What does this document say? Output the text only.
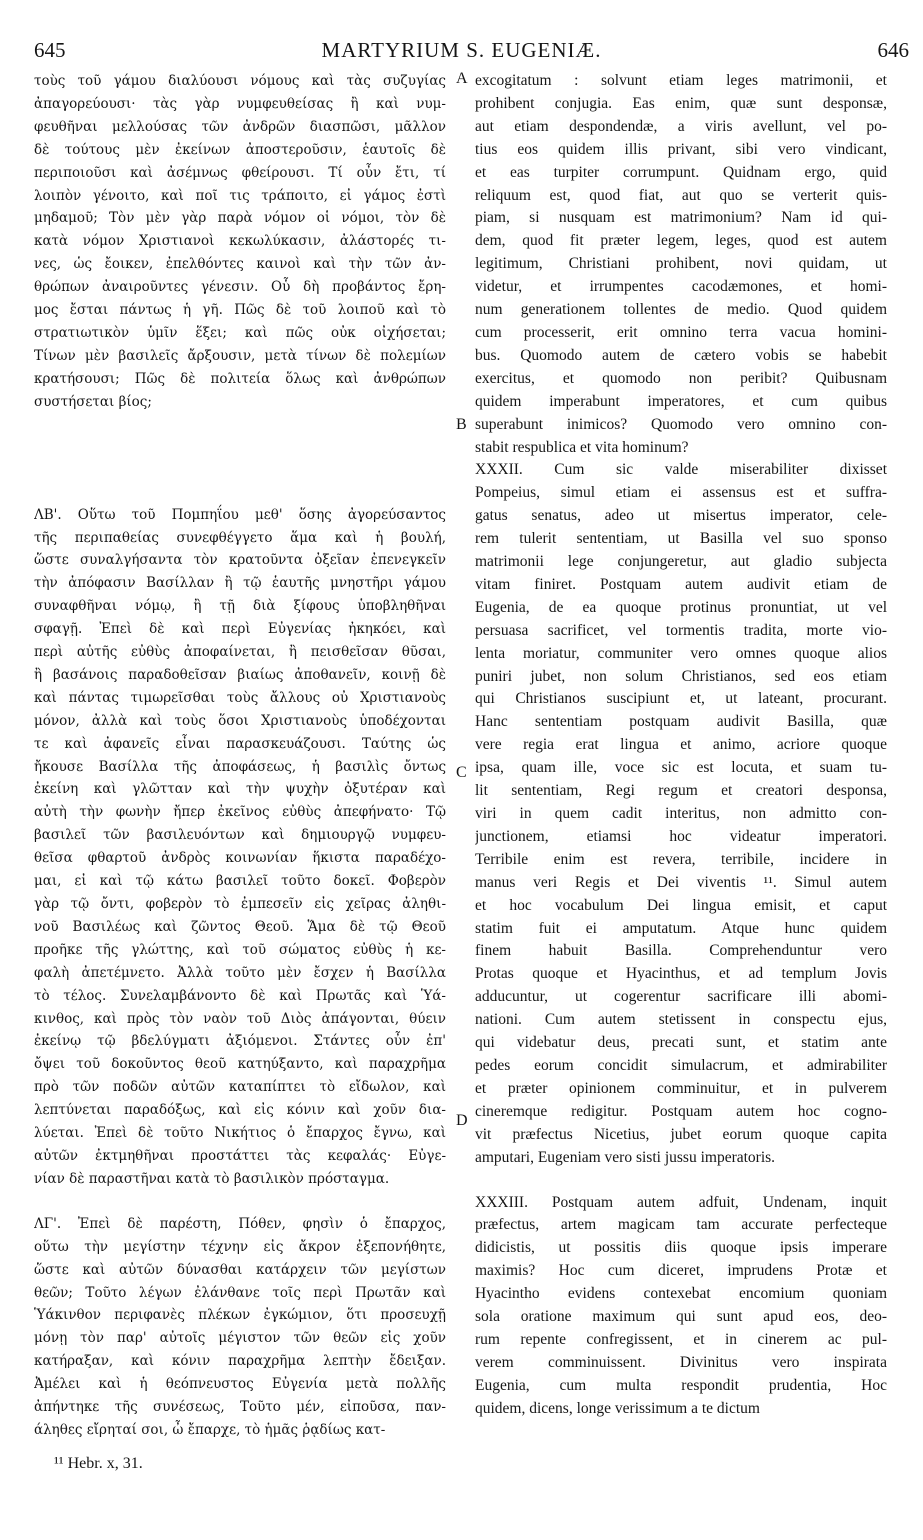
645	MARTYRIUM S. EUGENIÆ.	646
τοὺς τοῦ γάμου διαλύουσι νόμους καὶ τὰς συζυγίας
ἀπαγορεύουσι· τὰς γὰρ νυμφευθείσας ἢ καὶ νυμ-
φευθῆναι μελλούσας τῶν ἀνδρῶν διασπῶσι, μᾶλλον
δὲ τούτους μὲν ἐκείνων ἀποστεροῦσιν, ἑαυτοῖς δὲ
περιποιοῦσι καὶ ἀσέμνως φθείρουσι. Τί οὖν ἔτι, τί
λοιπὸν γένοιτο, καὶ ποῖ τις τράποιτο, εἰ γάμος ἐστὶ
μηδαμοῦ; Τὸν μὲν γὰρ παρὰ νόμον οἱ νόμοι, τὸν δὲ
κατὰ νόμον Χριστιανοὶ κεκωλύκασιν, ἀλάστορές τι-
νες, ὡς ἔοικεν, ἐπελθόντες καινοὶ καὶ τὴν τῶν ἀν-
θρώπων ἀναιροῦντες γένεσιν. Οὗ δὴ προβάντος ἔρη-
μος ἔσται πάντως ἡ γῆ. Πῶς δὲ τοῦ λοιποῦ καὶ τὸ
στρατιωτικὸν ὑμῖν ἕξει; καὶ πῶς οὐκ οἰχήσεται;
Τίνων μὲν βασιλεῖς ἄρξουσιν, μετὰ τίνων δὲ πολεμίων
κρατήσουσι; Πῶς δὲ πολιτεία ὅλως καὶ ἀνθρώπων
συστήσεται βίος;
ΛΒ'. Οὕτω τοῦ Πομπηΐου μεθ' ὅσης ἀγορεύσαντος
τῆς περιπαθείας συνεφθέγγετο ἅμα καὶ ἡ βουλή,
ὥστε συναλγήσαντα τὸν κρατοῦντα ὀξεῖαν ἐπενεγκεῖν
τὴν ἀπόφασιν Βασίλλαν ἢ τῷ ἑαυτῆς μνηστῆρι γάμου
συναφθῆναι νόμῳ, ἢ τῇ διὰ ξίφους ὑποβληθῆναι
σφαγῇ. Ἐπεὶ δὲ καὶ περὶ Εὐγενίας ἠκηκόει, καὶ
περὶ αὐτῆς εὐθὺς ἀποφαίνεται, ἢ πεισθεῖσαν θῦσαι,
ἢ βασάνοις παραδοθεῖσαν βιαίως ἀποθανεῖν, κοινῇ δὲ
καὶ πάντας τιμωρεῖσθαι τοὺς ἄλλους οὐ Χριστιανοὺς
μόνον, ἀλλὰ καὶ τοὺς ὅσοι Χριστιανοὺς ὑποδέχονται
τε καὶ ἀφανεῖς εἶναι παρασκευάζουσι. Ταύτης ὡς
ἤκουσε Βασίλλα τῆς ἀποφάσεως, ἡ βασιλὶς ὄντως
ἐκείνη καὶ γλῶτταν καὶ τὴν ψυχὴν ὀξυτέραν καὶ
αὐτὴ τὴν φωνὴν ἤπερ ἐκεῖνος εὐθὺς ἀπεφήνατο· Τῷ
βασιλεῖ τῶν βασιλευόντων καὶ δημιουργῷ νυμφευ-
θεῖσα φθαρτοῦ ἀνδρὸς κοινωνίαν ἥκιστα παραδέχο-
μαι, εἰ καὶ τῷ κάτω βασιλεῖ τοῦτο δοκεῖ. Φοβερὸν
γὰρ τῷ ὄντι, φοβερὸν τὸ ἐμπεσεῖν εἰς χεῖρας ἀληθι-
νοῦ Βασιλέως καὶ ζῶντος Θεοῦ. Ἅμα δὲ τῷ Θεοῦ
προῆκε τῆς γλώττης, καὶ τοῦ σώματος εὐθὺς ἡ κε-
φαλὴ ἀπετέμνετο. Ἀλλὰ τοῦτο μὲν ἔσχεν ἡ Βασίλλα
τὸ τέλος. Συνελαμβάνοντο δὲ καὶ Πρωτᾶς καὶ Ὑά-
κινθος, καὶ πρὸς τὸν ναὸν τοῦ Διὸς ἀπάγονται, θύειν
ἐκείνῳ τῷ βδελύγματι ἀξιόμενοι. Στάντες οὖν ἐπ'
ὄψει τοῦ δοκοῦντος θεοῦ κατηύξαντο, καὶ παραχρῆμα
πρὸ τῶν ποδῶν αὐτῶν καταπίπτει τὸ εἴδωλον, καὶ
λεπτύνεται παραδόξως, καὶ εἰς κόνιν καὶ χοῦν δια-
λύεται. Ἐπεὶ δὲ τοῦτο Νικήτιος ὁ ἔπαρχος ἔγνω, καὶ
αὐτῶν ἐκτμηθῆναι προστάττει τὰς κεφαλάς· Εὐγε-
νίαν δὲ παραστῆναι κατὰ τὸ βασιλικὸν πρόσταγμα.
ΛΓ'. Ἐπεὶ δὲ παρέστη, Πόθεν, φησὶν ὁ ἔπαρχος,
οὕτω τὴν μεγίστην τέχνην εἰς ἄκρον ἐξεπονήθητε,
ὥστε καὶ αὐτῶν δύνασθαι κατάρχειν τῶν μεγίστων
θεῶν; Τοῦτο λέγων ἐλάνθανε τοῖς περὶ Πρωτᾶν καὶ
Ὑάκινθον περιφανὲς πλέκων ἐγκώμιον, ὅτι προσευχῇ
μόνῃ τὸν παρ' αὐτοῖς μέγιστον τῶν θεῶν εἰς χοῦν
κατήραξαν, καὶ κόνιν παραχρῆμα λεπτὴν ἔδειξαν.
Ἀμέλει καὶ ἡ θεόπνευστος Εὐγενία μετὰ πολλῆς
ἀπήντηκε τῆς συνέσεως, Τοῦτο μέν, εἰποῦσα, παν-
άληθες εἴρηταί σοι, ὦ ἔπαρχε, τὸ ἡμᾶς ῥᾳδίως κατ-
excogitatum : solvunt etiam leges matrimonii, et
prohibent conjugia. Eas enim, quæ sunt desponsæ,
aut etiam despondendæ, a viris avellunt, vel po-
tius eos quidem illis privant, sibi vero vindicant,
et eas turpiter corrumpunt. Quidnam ergo, quid
reliquum est, quod fiat, aut quo se verterit quis-
piam, si nusquam est matrimonium? Nam id qui-
dem, quod fit præter legem, leges, quod est autem
legitimum, Christiani prohibent, novi quidam, ut
videtur, et irrumpentes cacodæmones, et homi-
num generationem tollentes de medio. Quod quidem
cum processerit, erit omnino terra vacua homini-
bus. Quomodo autem de cætero vobis se habebit
exercitus, et quomodo non peribit? Quibusnam
quidem imperabunt imperatores, et cum quibus
superabunt inimicos? Quomodo vero omnino con-
stabit respublica et vita hominum?
XXXII. Cum sic valde miserabiliter dixisset
Pompeius, simul etiam ei assensus est et suffra-
gatus senatus, adeo ut misertus imperator, cele-
rem tulerit sententiam, ut Basilla vel suo sponso
matrimonii lege conjungeretur, aut gladio subjecta
vitam finiret. Postquam autem audivit etiam de
Eugenia, de ea quoque protinus pronuntiat, ut vel
persuasa sacrificet, vel tormentis tradita, morte vio-
lenta moriatur, communiter vero omnes quoque alios
puniri jubet, non solum Christianos, sed eos etiam
qui Christianos suscipiunt et, ut lateant, procurant.
Hanc sententiam postquam audivit Basilla, quæ
vere regia erat lingua et animo, acriore quoque
ipsa, quam ille, voce sic est locuta, et suam tu-
lit sententiam, Regi regum et creatori desponsa,
viri in quem cadit interitus, non admitto con-
junctionem, etiamsi hoc videatur imperatori.
Terribile enim est revera, terribile, incidere in
manus veri Regis et Dei viventis ¹¹. Simul autem
et hoc vocabulum Dei lingua emisit, et caput
statim fuit ei amputatum. Atque hunc quidem
finem habuit Basilla. Comprehenduntur vero
Protas quoque et Hyacinthus, et ad templum Jovis
adducuntur, ut cogerentur sacrificare illi abomi-
nationi. Cum autem stetissent in conspectu ejus,
qui videbatur deus, precati sunt, et statim ante
pedes eorum concidit simulacrum, et admirabiliter
et præter opinionem comminuitur, et in pulverem
cineremque redigitur. Postquam autem hoc cogno-
vit præfectus Nicetius, jubet eorum quoque capita
amputari, Eugeniam vero sisti jussu imperatoris.
XXXIII. Postquam autem adfuit, Undenam, inquit
præfectus, artem magicam tam accurate perfecteque
didicistis, ut possitis diis quoque ipsis imperare
maximis? Hoc cum diceret, imprudens Protæ et
Hyacintho evidens contexebat encomium quoniam
sola oratione maximum qui sunt apud eos, deo-
rum repente confregissent, et in cinerem ac pul-
verem comminuissent. Divinitus vero inspirata
Eugenia, cum multa respondit prudentia, Hoc
quidem, dicens, longe verissimum a te dictum
A
B
C
D
¹¹ Hebr. x, 31.
